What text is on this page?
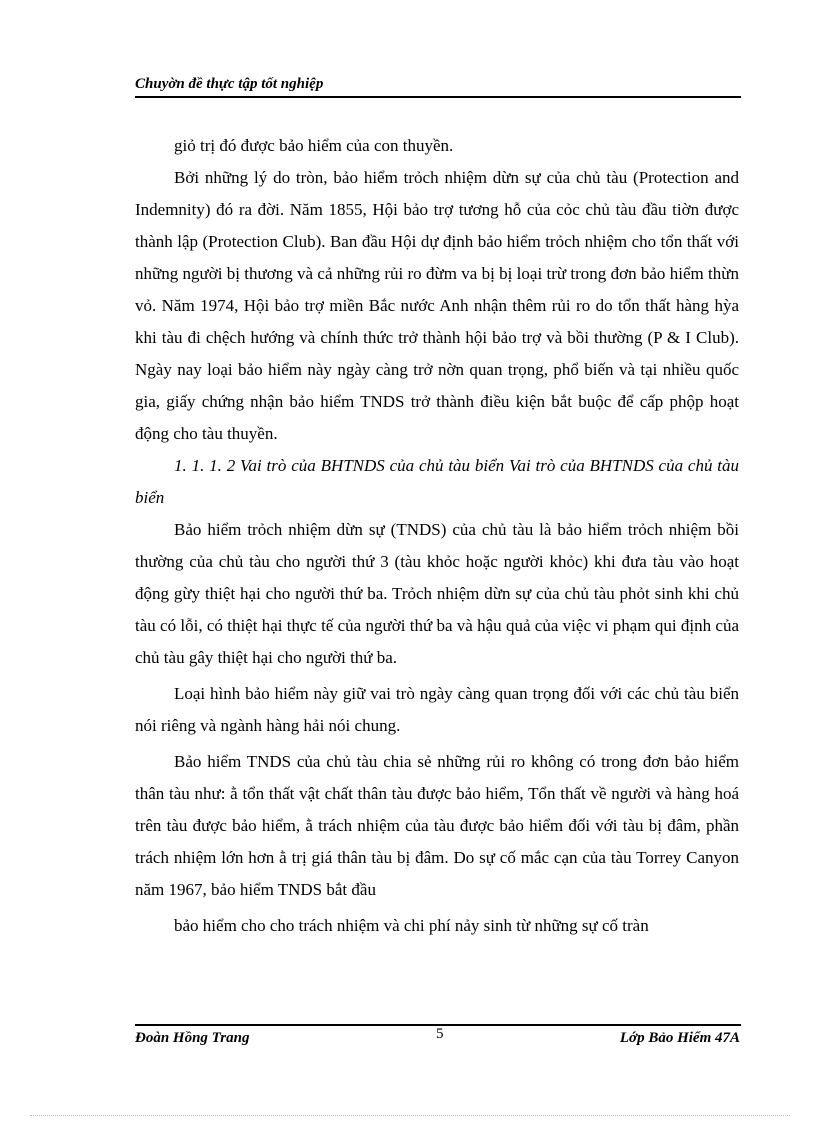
Chuyờn đề thực tập tốt nghiệp

giỏ trị đó được bảo hiểm của con thuyền.

Bởi những lý do tròn, bảo hiểm trỏch nhiệm dừn sự của chủ tàu (Protection and Indemnity) đó ra đời. Năm 1855, Hội bảo trợ tương hỗ của cỏc chủ tàu đầu tiờn được thành lập (Protection Club). Ban đầu Hội dự định bảo hiểm trỏch nhiệm cho tổn thất với những người bị thương và cả những rủi ro đừm va bị bị loại trừ trong đơn bảo hiểm thừn vỏ. Năm 1974, Hội bảo trợ miền Bắc nước Anh nhận thêm rủi ro do tổn thất hàng hỳa khi tàu đi chệch hướng và chính thức trở thành hội bảo trợ và bồi thường (P & I Club). Ngày nay loại bảo hiểm này ngày càng trở nờn quan trọng, phổ biến và tại nhiều quốc gia, giấy chứng nhận bảo hiểm TNDS trở thành điều kiện bắt buộc để cấp phộp hoạt động cho tàu thuyền.

1. 1. 1. 2 Vai trò của BHTNDS của chủ tàu biển Vai trò của BHTNDS của chủ tàu biển

Bảo hiểm trỏch nhiệm dừn sự (TNDS) của chủ tàu là bảo hiểm trỏch nhiệm bồi thường của chủ tàu cho người thứ 3 (tàu khỏc hoặc người khỏc) khi đưa tàu vào hoạt động gừy thiệt hại cho người thứ ba. Trỏch nhiệm dừn sự của chủ tàu phỏt sinh khi chủ tàu có lỗi, có thiệt hại thực tế của người thứ ba và hậu quả của việc vi phạm qui định của chủ tàu gây thiệt hại cho người thứ ba.

Loại hình bảo hiểm này giữ vai trò ngày càng quan trọng đối với các chủ tàu biển nói riêng và ngành hàng hải nói chung.

Bảo hiểm TNDS của chủ tàu chia sẻ những rủi ro không có trong đơn bảo hiểm thân tàu như: ằ tổn thất vật chất thân tàu được bảo hiểm, Tổn thất về người và hàng hoá trên tàu được bảo hiểm, ằ trách nhiệm của tàu được bảo hiểm đối với tàu bị đâm, phần trách nhiệm lớn hơn ằ trị giá thân tàu bị đâm. Do sự cố mắc cạn của tàu Torrey Canyon năm 1967, bảo hiểm TNDS bắt đầu

bảo hiểm cho cho trách nhiệm và chi phí nảy sinh từ những sự cố tràn

Đoàn Hồng Trang	5	Lớp Bảo Hiểm 47A
